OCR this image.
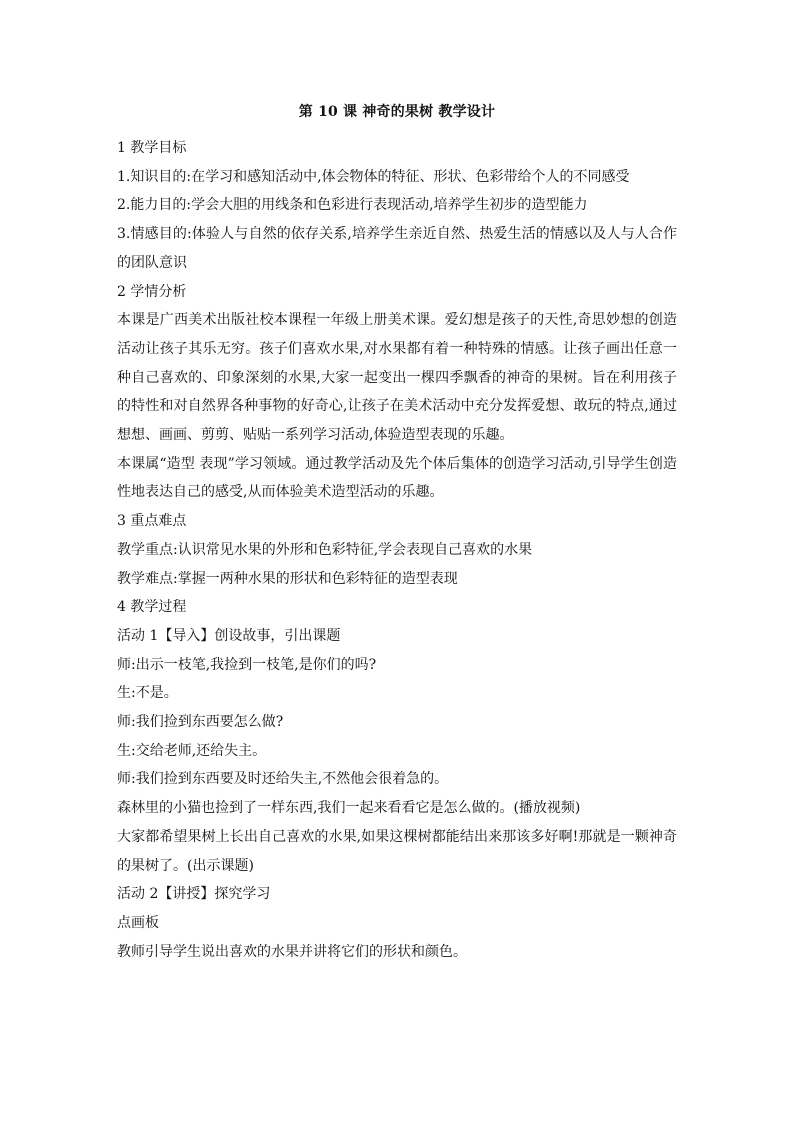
第 10 课 神奇的果树 教学设计
1 教学目标
1.知识目的:在学习和感知活动中,体会物体的特征、形状、色彩带给个人的不同感受
2.能力目的:学会大胆的用线条和色彩进行表现活动,培养学生初步的造型能力
3.情感目的:体验人与自然的依存关系,培养学生亲近自然、热爱生活的情感以及人与人合作的团队意识
2 学情分析
本课是广西美术出版社校本课程一年级上册美术课。爱幻想是孩子的天性,奇思妙想的创造活动让孩子其乐无穷。孩子们喜欢水果,对水果都有着一种特殊的情感。让孩子画出任意一种自己喜欢的、印象深刻的水果,大家一起变出一棵四季飘香的神奇的果树。旨在利用孩子的特性和对自然界各种事物的好奇心,让孩子在美术活动中充分发挥爱想、敢玩的特点,通过想想、画画、剪剪、贴贴一系列学习活动,体验造型表现的乐趣。
本课属“造型 表现”学习领域。通过教学活动及先个体后集体的创造学习活动,引导学生创造性地表达自己的感受,从而体验美术造型活动的乐趣。
3 重点难点
教学重点:认识常见水果的外形和色彩特征,学会表现自己喜欢的水果
教学难点:掌握一两种水果的形状和色彩特征的造型表现
4 教学过程
活动 1【导入】创设故事，引出课题
师:出示一枝笔,我捡到一枝笔,是你们的吗?
生:不是。
师:我们捡到东西要怎么做?
生:交给老师,还给失主。
师:我们捡到东西要及时还给失主,不然他会很着急的。
森林里的小猫也捡到了一样东西,我们一起来看看它是怎么做的。(播放视频)
大家都希望果树上长出自己喜欢的水果,如果这棵树都能结出来那该多好啊!那就是一颗神奇的果树了。(出示课题)
活动 2【讲授】探究学习
点画板
教师引导学生说出喜欢的水果并讲将它们的形状和颜色。
